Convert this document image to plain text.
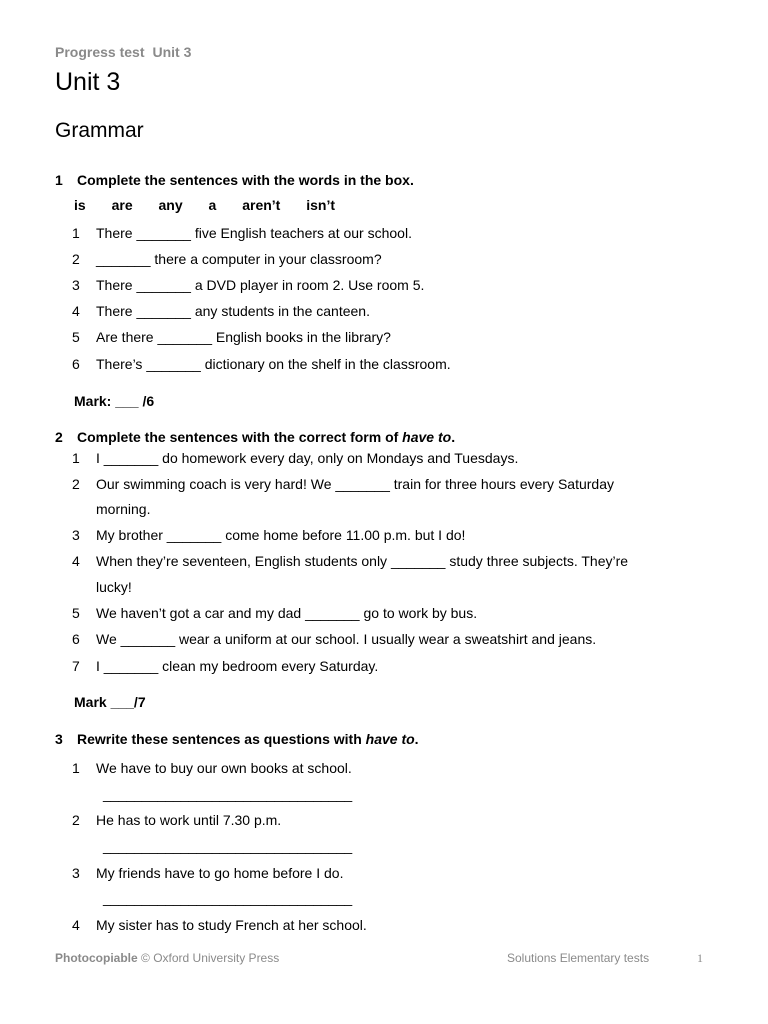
Progress test Unit 3
Unit 3
Grammar
1 Complete the sentences with the words in the box.
is are any a aren’t isn’t
1 There _______ five English teachers at our school.
2 _______ there a computer in your classroom?
3 There _______ a DVD player in room 2. Use room 5.
4 There _______ any students in the canteen.
5 Are there _______ English books in the library?
6 There’s _______ dictionary on the shelf in the classroom.
Mark: ___ /6
2 Complete the sentences with the correct form of have to.
1 I _______ do homework every day, only on Mondays and Tuesdays.
2 Our swimming coach is very hard! We _______ train for three hours every Saturday
morning.
3 My brother _______ come home before 11.00 p.m. but I do!
4 When they’re seventeen, English students only _______ study three subjects. They’re
lucky!
5 We haven’t got a car and my dad _______ go to work by bus.
6 We _______ wear a uniform at our school. I usually wear a sweatshirt and jeans.
7 I _______ clean my bedroom every Saturday.
Mark ___/7
3 Rewrite these sentences as questions with have to.
1 We have to buy our own books at school.
________________________________
2 He has to work until 7.30 p.m.
________________________________
3 My friends have to go home before I do.
________________________________
4 My sister has to study French at her school.
Photocopiable © Oxford University Press	Solutions Elementary tests	1
